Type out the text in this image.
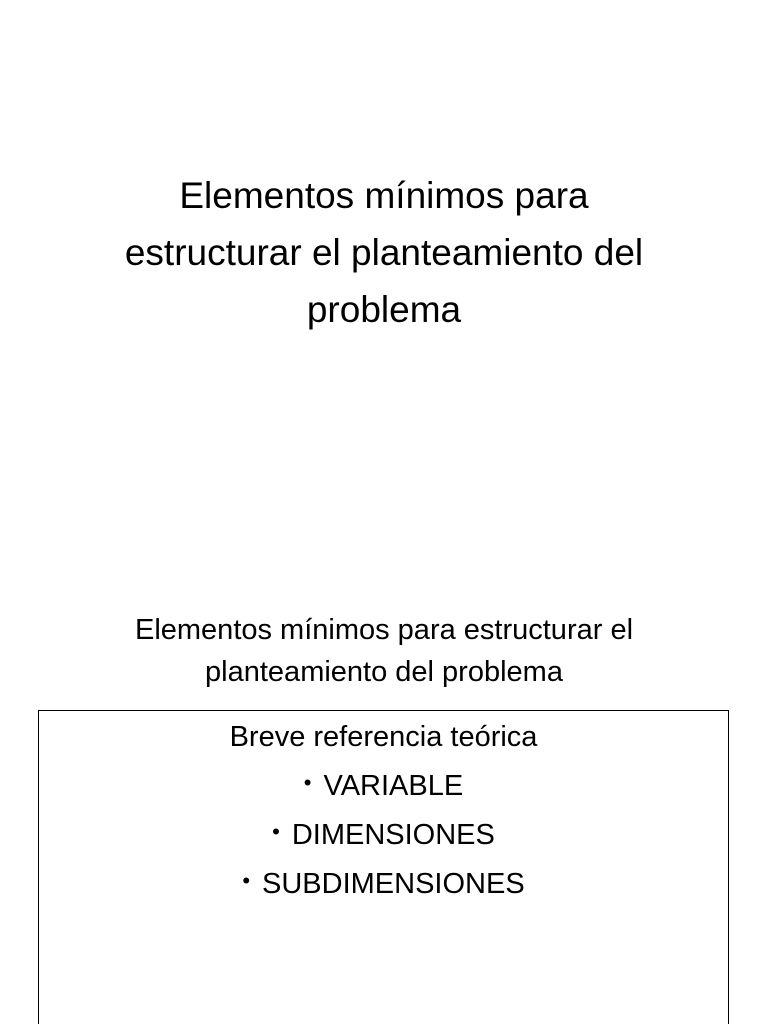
Elementos mínimos para
estructurar el planteamiento del
problema
Elementos mínimos para estructurar el
planteamiento del problema
Breve referencia teórica
• VARIABLE
• DIMENSIONES
• SUBDIMENSIONES
